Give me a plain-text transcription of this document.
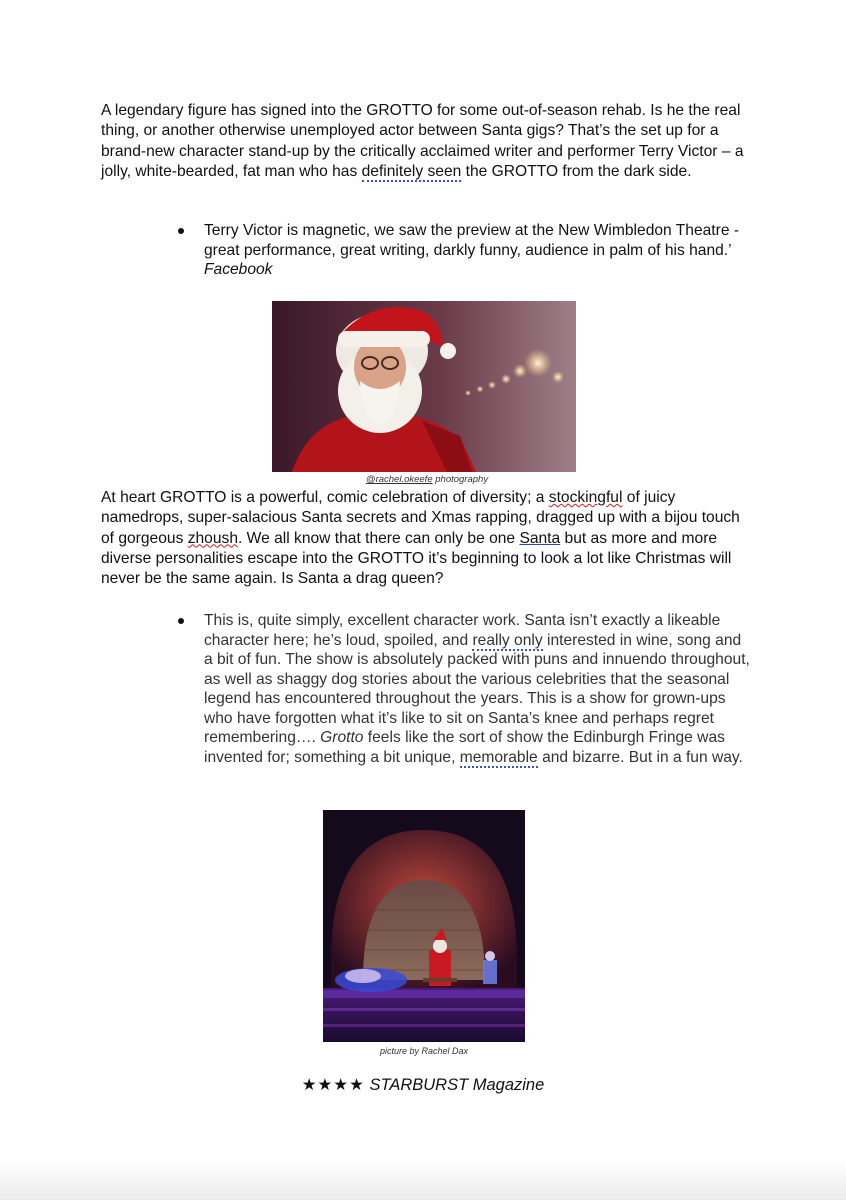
A legendary figure has signed into the GROTTO for some out-of-season rehab. Is he the real thing, or another otherwise unemployed actor between Santa gigs? That’s the set up for a brand-new character stand-up by the critically acclaimed writer and performer Terry Victor – a jolly, white-bearded, fat man who has definitely seen the GROTTO from the dark side.

Terry Victor is magnetic, we saw the preview at the New Wimbledon Theatre - great performance, great writing, darkly funny, audience in palm of his hand.’ Facebook

@rachel.okeefe photography

At heart GROTTO is a powerful, comic celebration of diversity; a stockingful of juicy namedrops, super-salacious Santa secrets and Xmas rapping, dragged up with a bijou touch of gorgeous zhoush. We all know that there can only be one Santa but as more and more diverse personalities escape into the GROTTO it’s beginning to look a lot like Christmas will never be the same again. Is Santa a drag queen?

This is, quite simply, excellent character work. Santa isn’t exactly a likeable character here; he’s loud, spoiled, and really only interested in wine, song and a bit of fun. The show is absolutely packed with puns and innuendo throughout, as well as shaggy dog stories about the various celebrities that the seasonal legend has encountered throughout the years. This is a show for grown-ups who have forgotten what it’s like to sit on Santa’s knee and perhaps regret remembering…. Grotto feels like the sort of show the Edinburgh Fringe was invented for; something a bit unique, memorable and bizarre. But in a fun way.

picture by Rachel Dax
★★★★ STARBURST Magazine
